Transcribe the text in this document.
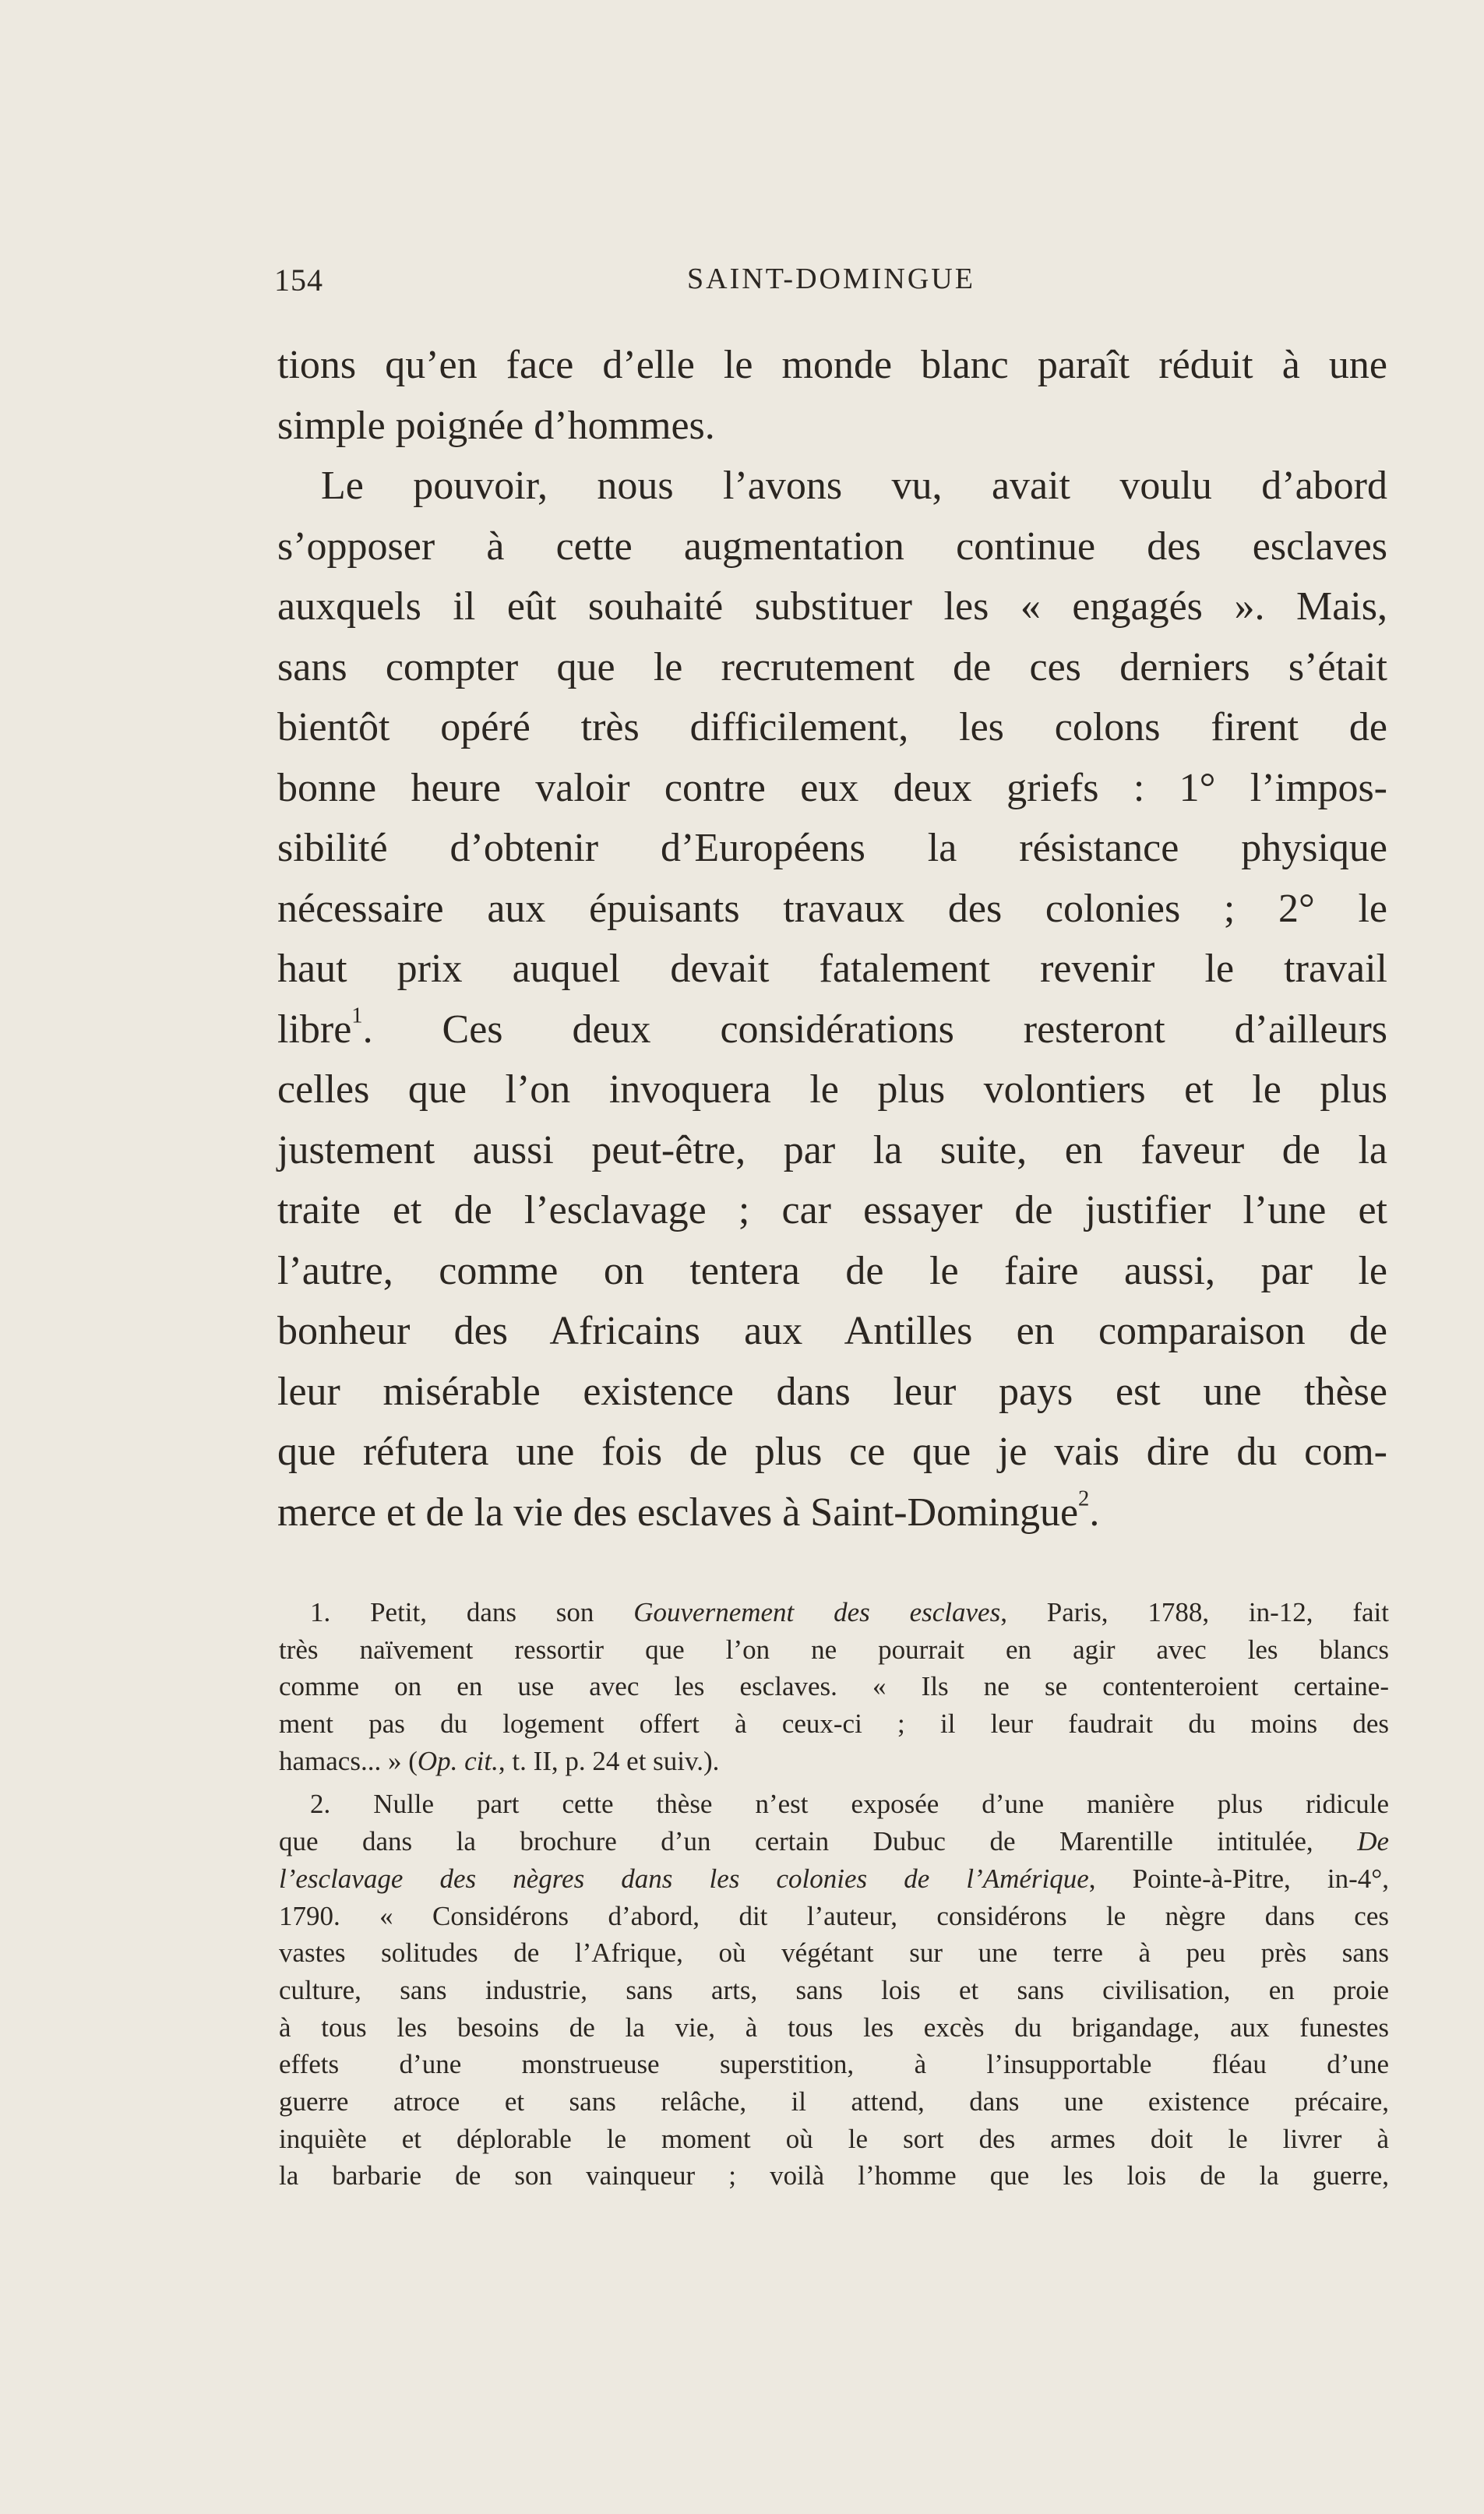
154	SAINT-DOMINGUE
tions qu’en face d’elle le monde blanc paraît réduit à une
simple poignée d’hommes.
Le pouvoir, nous l’avons vu, avait voulu d’abord
s’opposer à cette augmentation continue des esclaves
auxquels il eût souhaité substituer les « engagés ». Mais,
sans compter que le recrutement de ces derniers s’était
bientôt opéré très difficilement, les colons firent de
bonne heure valoir contre eux deux griefs : 1° l’impos-
sibilité d’obtenir d’Européens la résistance physique
nécessaire aux épuisants travaux des colonies ; 2° le
haut prix auquel devait fatalement revenir le travail
libre$^1$. Ces deux considérations resteront d’ailleurs
celles que l’on invoquera le plus volontiers et le plus
justement aussi peut-être, par la suite, en faveur de la
traite et de l’esclavage ; car essayer de justifier l’une et
l’autre, comme on tentera de le faire aussi, par le
bonheur des Africains aux Antilles en comparaison de
leur misérable existence dans leur pays est une thèse
que réfutera une fois de plus ce que je vais dire du com-
merce et de la vie des esclaves à Saint-Domingue$^2$.
1. Petit, dans son Gouvernement des esclaves, Paris, 1788, in-12, fait
très naïvement ressortir que l’on ne pourrait en agir avec les blancs
comme on en use avec les esclaves. « Ils ne se contenteroient certaine-
ment pas du logement offert à ceux-ci ; il leur faudrait du moins des
hamacs... » (Op. cit., t. II, p. 24 et suiv.).
2. Nulle part cette thèse n’est exposée d’une manière plus ridicule
que dans la brochure d’un certain Dubuc de Marentille intitulée, De
l’esclavage des nègres dans les colonies de l’Amérique, Pointe-à-Pitre, in-4°,
1790. « Considérons d’abord, dit l’auteur, considérons le nègre dans ces
vastes solitudes de l’Afrique, où végétant sur une terre à peu près sans
culture, sans industrie, sans arts, sans lois et sans civilisation, en proie
à tous les besoins de la vie, à tous les excès du brigandage, aux funestes
effets d’une monstrueuse superstition, à l’insupportable fléau d’une
guerre atroce et sans relâche, il attend, dans une existence précaire,
inquiète et déplorable le moment où le sort des armes doit le livrer à
la barbarie de son vainqueur ; voilà l’homme que les lois de la guerre,
